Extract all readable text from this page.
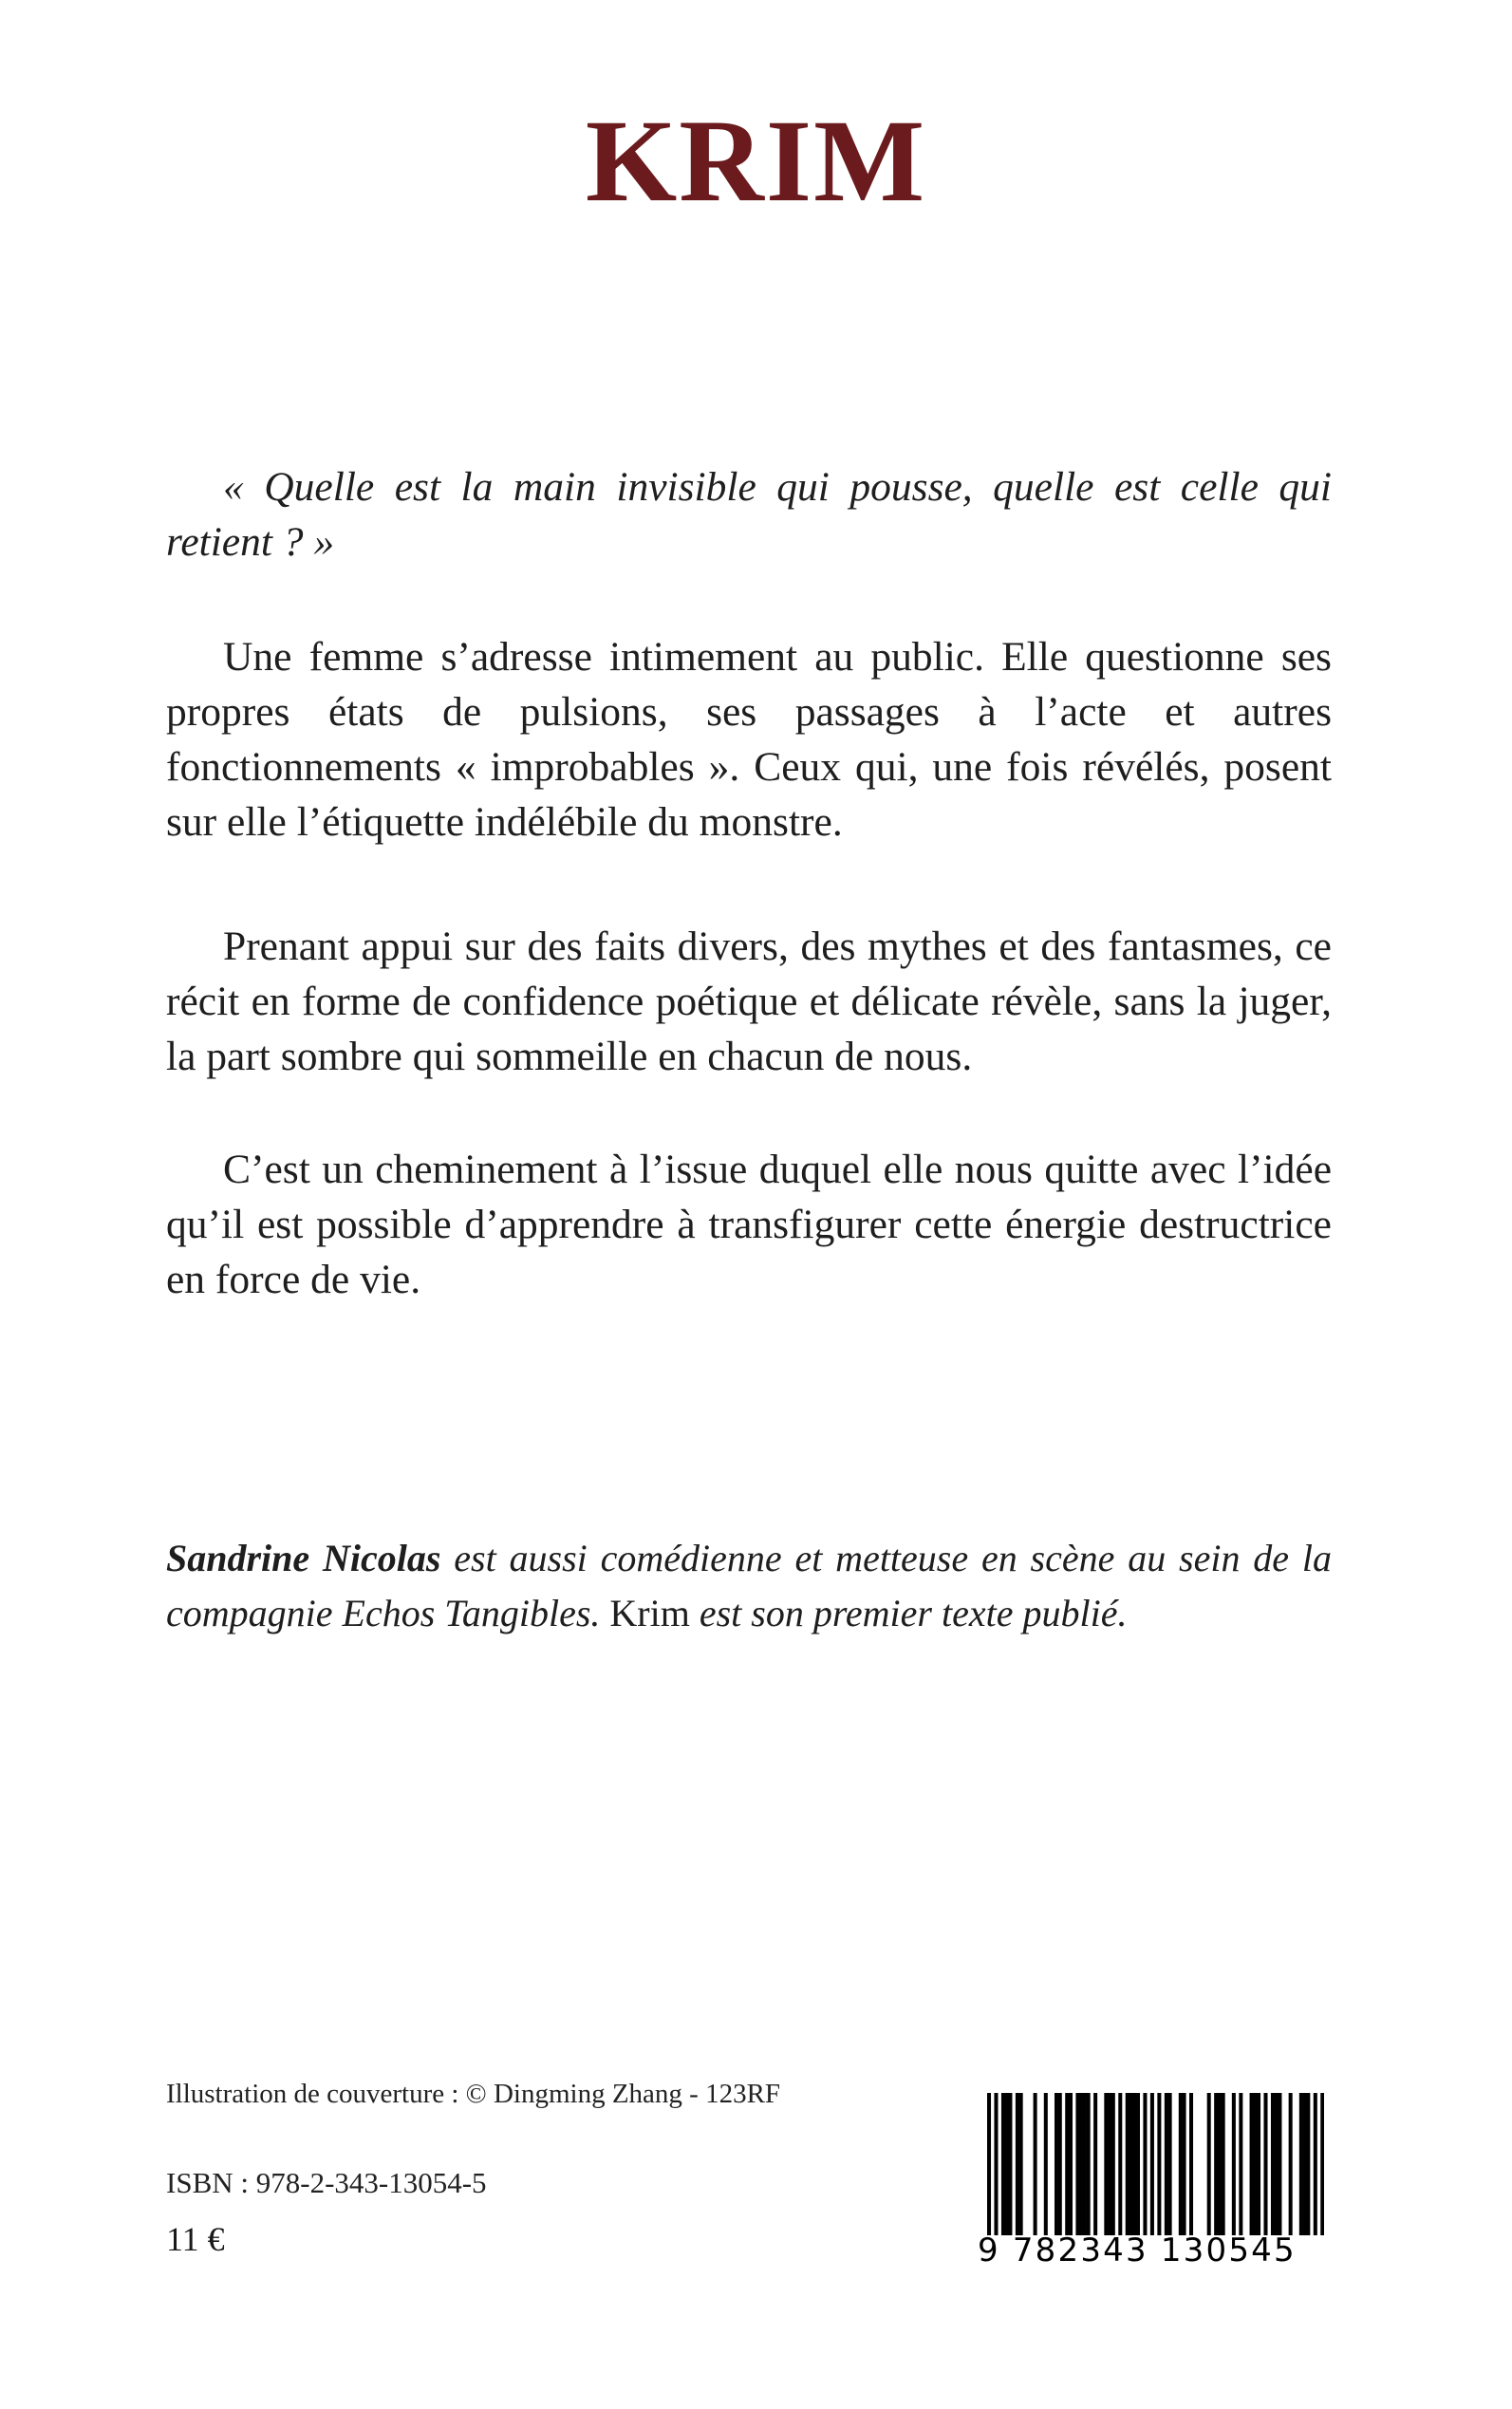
KRIM
« Quelle est la main invisible qui pousse, quelle est celle qui retient ? »
Une femme s’adresse intimement au public. Elle questionne ses propres états de pulsions, ses passages à l’acte et autres fonctionnements « improbables ». Ceux qui, une fois révélés, posent sur elle l’étiquette indélébile du monstre.
Prenant appui sur des faits divers, des mythes et des fantasmes, ce récit en forme de confidence poétique et délicate révèle, sans la juger, la part sombre qui sommeille en chacun de nous.
C’est un cheminement à l’issue duquel elle nous quitte avec l’idée qu’il est possible d’apprendre à transfigurer cette énergie destructrice en force de vie.
Sandrine Nicolas est aussi comédienne et metteuse en scène au sein de la compagnie Echos Tangibles. Krim est son premier texte publié.
Illustration de couverture : © Dingming Zhang - 123RF
ISBN : 978-2-343-13054-5
11 €	9 782343 130545
